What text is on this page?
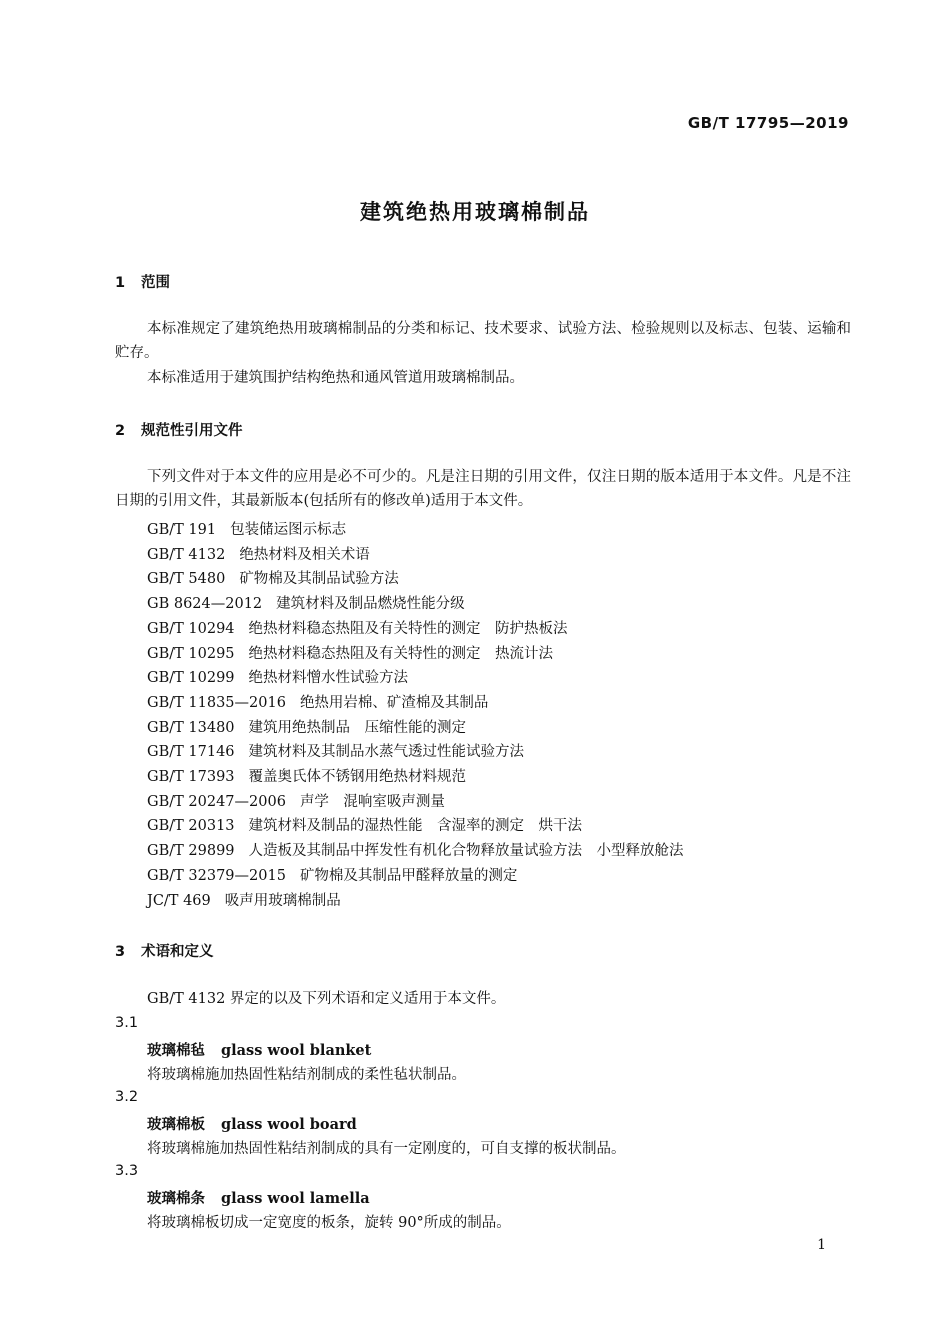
GB/T 17795—2019
建筑绝热用玻璃棉制品
1 范围
本标准规定了建筑绝热用玻璃棉制品的分类和标记、技术要求、试验方法、检验规则以及标志、包装、运输和贮存。
本标准适用于建筑围护结构绝热和通风管道用玻璃棉制品。
2 规范性引用文件
下列文件对于本文件的应用是必不可少的。凡是注日期的引用文件，仅注日期的版本适用于本文件。凡是不注日期的引用文件，其最新版本(包括所有的修改单)适用于本文件。
GB/T 191 包装储运图示标志
GB/T 4132 绝热材料及相关术语
GB/T 5480 矿物棉及其制品试验方法
GB 8624—2012 建筑材料及制品燃烧性能分级
GB/T 10294 绝热材料稳态热阻及有关特性的测定　防护热板法
GB/T 10295 绝热材料稳态热阻及有关特性的测定　热流计法
GB/T 10299 绝热材料憎水性试验方法
GB/T 11835—2016 绝热用岩棉、矿渣棉及其制品
GB/T 13480 建筑用绝热制品　压缩性能的测定
GB/T 17146 建筑材料及其制品水蒸气透过性能试验方法
GB/T 17393 覆盖奥氏体不锈钢用绝热材料规范
GB/T 20247—2006 声学　混响室吸声测量
GB/T 20313 建筑材料及制品的湿热性能　含湿率的测定　烘干法
GB/T 29899 人造板及其制品中挥发性有机化合物释放量试验方法　小型释放舱法
GB/T 32379—2015 矿物棉及其制品甲醛释放量的测定
JC/T 469 吸声用玻璃棉制品
3 术语和定义
GB/T 4132 界定的以及下列术语和定义适用于本文件。
3.1
玻璃棉毡 glass wool blanket
将玻璃棉施加热固性粘结剂制成的柔性毡状制品。
3.2
玻璃棉板 glass wool board
将玻璃棉施加热固性粘结剂制成的具有一定刚度的，可自支撑的板状制品。
3.3
玻璃棉条 glass wool lamella
将玻璃棉板切成一定宽度的板条，旋转 90°所成的制品。
1
